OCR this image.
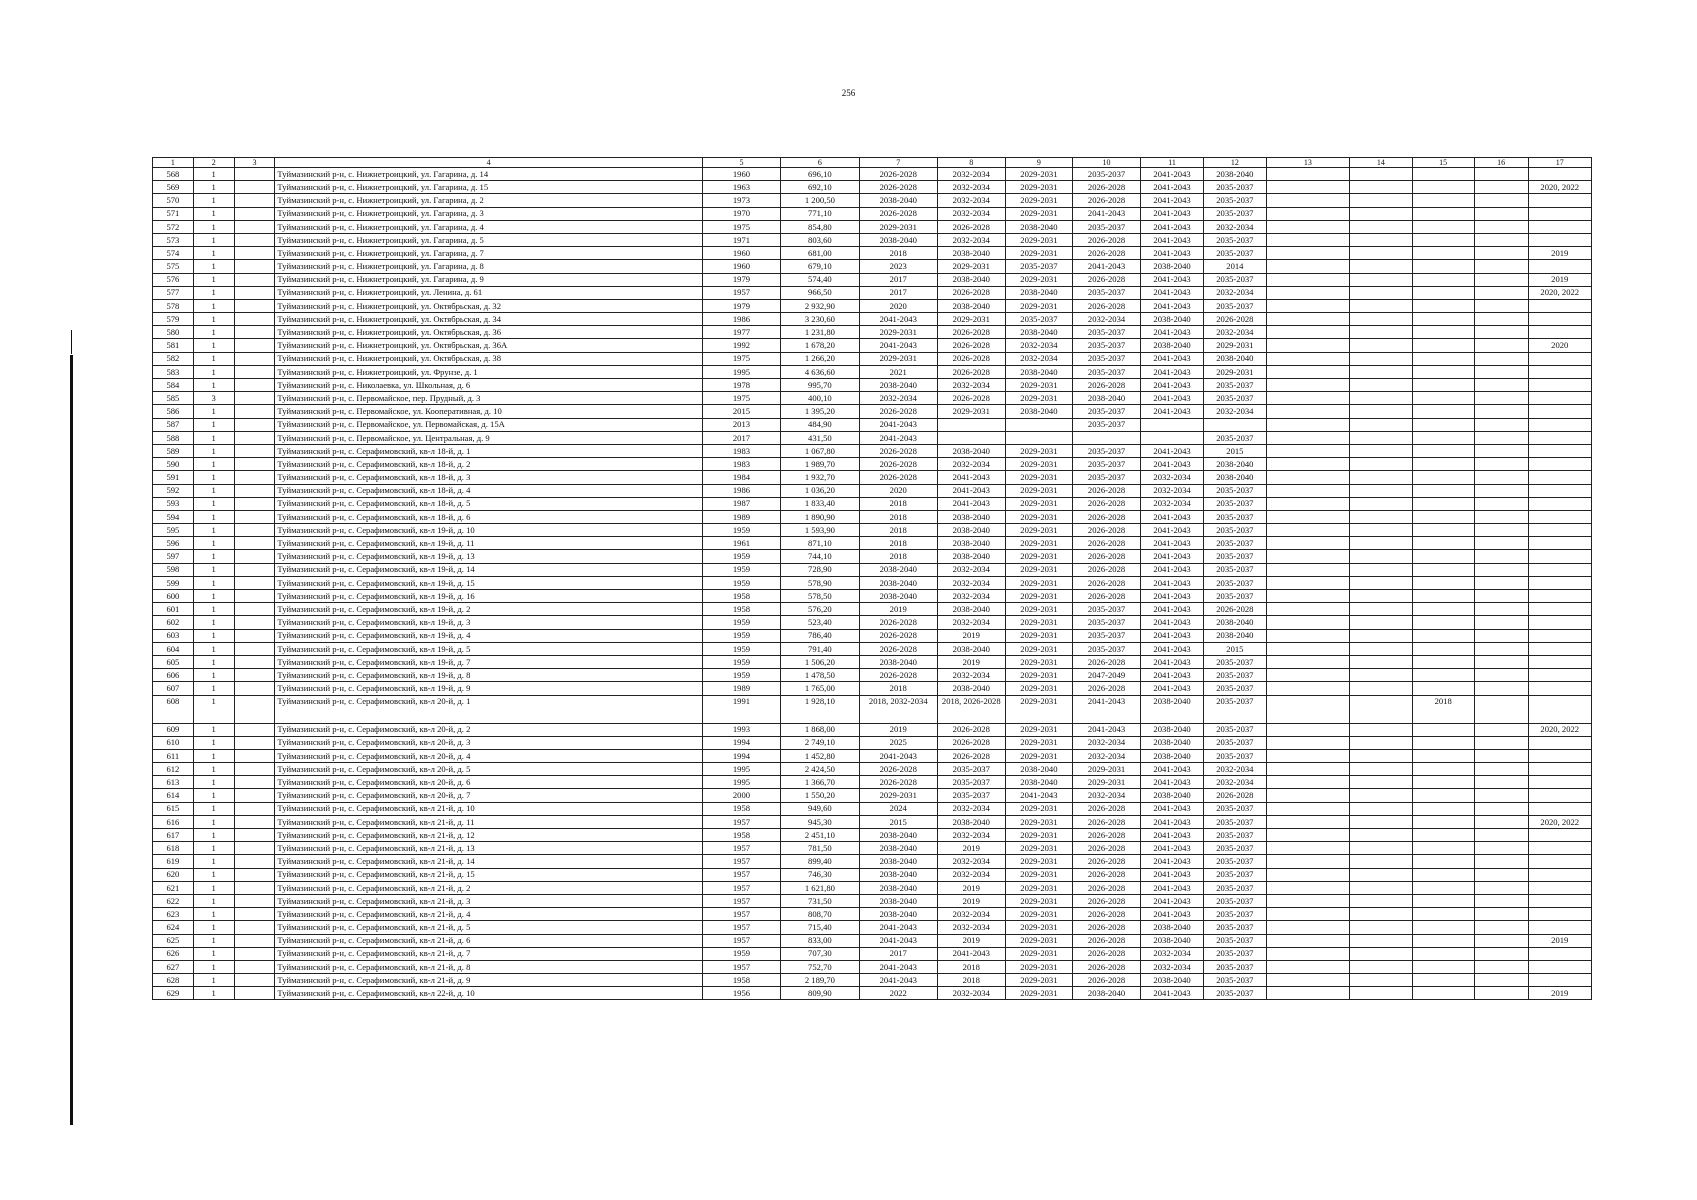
256
1	2	3	4	5	6	7	8	9	10	11	12	13	14	15	16	17
568	1		Туймазинский р-н, с. Нижнетроицкий, ул. Гагарина, д. 14	1960	696,10	2026-2028	2032-2034	2029-2031	2035-2037	2041-2043	2038-2040					
569	1		Туймазинский р-н, с. Нижнетроицкий, ул. Гагарина, д. 15	1963	692,10	2026-2028	2032-2034	2029-2031	2026-2028	2041-2043	2035-2037					2020, 2022
570	1		Туймазинский р-н, с. Нижнетроицкий, ул. Гагарина, д. 2	1973	1 200,50	2038-2040	2032-2034	2029-2031	2026-2028	2041-2043	2035-2037					
571	1		Туймазинский р-н, с. Нижнетроицкий, ул. Гагарина, д. 3	1970	771,10	2026-2028	2032-2034	2029-2031	2041-2043	2041-2043	2035-2037					
572	1		Туймазинский р-н, с. Нижнетроицкий, ул. Гагарина, д. 4	1975	854,80	2029-2031	2026-2028	2038-2040	2035-2037	2041-2043	2032-2034					
573	1		Туймазинский р-н, с. Нижнетроицкий, ул. Гагарина, д. 5	1971	803,60	2038-2040	2032-2034	2029-2031	2026-2028	2041-2043	2035-2037					
574	1		Туймазинский р-н, с. Нижнетроицкий, ул. Гагарина, д. 7	1960	681,00	2018	2038-2040	2029-2031	2026-2028	2041-2043	2035-2037					2019
575	1		Туймазинский р-н, с. Нижнетроицкий, ул. Гагарина, д. 8	1960	679,10	2023	2029-2031	2035-2037	2041-2043	2038-2040	2014					
576	1		Туймазинский р-н, с. Нижнетроицкий, ул. Гагарина, д. 9	1979	574,40	2017	2038-2040	2029-2031	2026-2028	2041-2043	2035-2037					2019
577	1		Туймазинский р-н, с. Нижнетроицкий, ул. Ленина, д. 61	1957	966,50	2017	2026-2028	2038-2040	2035-2037	2041-2043	2032-2034					2020, 2022
578	1		Туймазинский р-н, с. Нижнетроицкий, ул. Октябрьская, д. 32	1979	2 932,90	2020	2038-2040	2029-2031	2026-2028	2041-2043	2035-2037					
579	1		Туймазинский р-н, с. Нижнетроицкий, ул. Октябрьская, д. 34	1986	3 230,60	2041-2043	2029-2031	2035-2037	2032-2034	2038-2040	2026-2028					
580	1		Туймазинский р-н, с. Нижнетроицкий, ул. Октябрьская, д. 36	1977	1 231,80	2029-2031	2026-2028	2038-2040	2035-2037	2041-2043	2032-2034					
581	1		Туймазинский р-н, с. Нижнетроицкий, ул. Октябрьская, д. 36А	1992	1 678,20	2041-2043	2026-2028	2032-2034	2035-2037	2038-2040	2029-2031					2020
582	1		Туймазинский р-н, с. Нижнетроицкий, ул. Октябрьская, д. 38	1975	1 266,20	2029-2031	2026-2028	2032-2034	2035-2037	2041-2043	2038-2040					
583	1		Туймазинский р-н, с. Нижнетроицкий, ул. Фрунзе, д. 1	1995	4 636,60	2021	2026-2028	2038-2040	2035-2037	2041-2043	2029-2031					
584	1		Туймазинский р-н, с. Николаевка, ул. Школьная, д. 6	1978	995,70	2038-2040	2032-2034	2029-2031	2026-2028	2041-2043	2035-2037					
585	3		Туймазинский р-н, с. Первомайское, пер. Прудный, д. 3	1975	400,10	2032-2034	2026-2028	2029-2031	2038-2040	2041-2043	2035-2037					
586	1		Туймазинский р-н, с. Первомайское, ул. Кооперативная, д. 10	2015	1 395,20	2026-2028	2029-2031	2038-2040	2035-2037	2041-2043	2032-2034					
587	1		Туймазинский р-н, с. Первомайское, ул. Первомайская, д. 15А	2013	484,90	2041-2043			2035-2037							
588	1		Туймазинский р-н, с. Первомайское, ул. Центральная, д. 9	2017	431,50	2041-2043					2035-2037					
589	1		Туймазинский р-н, с. Серафимовский, кв-л 18-й, д. 1	1983	1 067,80	2026-2028	2038-2040	2029-2031	2035-2037	2041-2043	2015					
590	1		Туймазинский р-н, с. Серафимовский, кв-л 18-й, д. 2	1983	1 989,70	2026-2028	2032-2034	2029-2031	2035-2037	2041-2043	2038-2040					
591	1		Туймазинский р-н, с. Серафимовский, кв-л 18-й, д. 3	1984	1 932,70	2026-2028	2041-2043	2029-2031	2035-2037	2032-2034	2038-2040					
592	1		Туймазинский р-н, с. Серафимовский, кв-л 18-й, д. 4	1986	1 036,20	2020	2041-2043	2029-2031	2026-2028	2032-2034	2035-2037					
593	1		Туймазинский р-н, с. Серафимовский, кв-л 18-й, д. 5	1987	1 833,40	2018	2041-2043	2029-2031	2026-2028	2032-2034	2035-2037					
594	1		Туймазинский р-н, с. Серафимовский, кв-л 18-й, д. 6	1989	1 890,90	2018	2038-2040	2029-2031	2026-2028	2041-2043	2035-2037					
595	1		Туймазинский р-н, с. Серафимовский, кв-л 19-й, д. 10	1959	1 593,90	2018	2038-2040	2029-2031	2026-2028	2041-2043	2035-2037					
596	1		Туймазинский р-н, с. Серафимовский, кв-л 19-й, д. 11	1961	871,10	2018	2038-2040	2029-2031	2026-2028	2041-2043	2035-2037					
597	1		Туймазинский р-н, с. Серафимовский, кв-л 19-й, д. 13	1959	744,10	2018	2038-2040	2029-2031	2026-2028	2041-2043	2035-2037					
598	1		Туймазинский р-н, с. Серафимовский, кв-л 19-й, д. 14	1959	728,90	2038-2040	2032-2034	2029-2031	2026-2028	2041-2043	2035-2037					
599	1		Туймазинский р-н, с. Серафимовский, кв-л 19-й, д. 15	1959	578,90	2038-2040	2032-2034	2029-2031	2026-2028	2041-2043	2035-2037					
600	1		Туймазинский р-н, с. Серафимовский, кв-л 19-й, д. 16	1958	578,50	2038-2040	2032-2034	2029-2031	2026-2028	2041-2043	2035-2037					
601	1		Туймазинский р-н, с. Серафимовский, кв-л 19-й, д. 2	1958	576,20	2019	2038-2040	2029-2031	2035-2037	2041-2043	2026-2028					
602	1		Туймазинский р-н, с. Серафимовский, кв-л 19-й, д. 3	1959	523,40	2026-2028	2032-2034	2029-2031	2035-2037	2041-2043	2038-2040					
603	1		Туймазинский р-н, с. Серафимовский, кв-л 19-й, д. 4	1959	786,40	2026-2028	2019	2029-2031	2035-2037	2041-2043	2038-2040					
604	1		Туймазинский р-н, с. Серафимовский, кв-л 19-й, д. 5	1959	791,40	2026-2028	2038-2040	2029-2031	2035-2037	2041-2043	2015					
605	1		Туймазинский р-н, с. Серафимовский, кв-л 19-й, д. 7	1959	1 506,20	2038-2040	2019	2029-2031	2026-2028	2041-2043	2035-2037					
606	1		Туймазинский р-н, с. Серафимовский, кв-л 19-й, д. 8	1959	1 478,50	2026-2028	2032-2034	2029-2031	2047-2049	2041-2043	2035-2037					
607	1		Туймазинский р-н, с. Серафимовский, кв-л 19-й, д. 9	1989	1 765,00	2018	2038-2040	2029-2031	2026-2028	2041-2043	2035-2037					
608	1		Туймазинский р-н, с. Серафимовский, кв-л 20-й, д. 1	1991	1 928,10	2018, 2032-2034	2018, 2026-2028	2029-2031	2041-2043	2038-2040	2035-2037			2018		
609	1		Туймазинский р-н, с. Серафимовский, кв-л 20-й, д. 2	1993	1 868,00	2019	2026-2028	2029-2031	2041-2043	2038-2040	2035-2037					2020, 2022
610	1		Туймазинский р-н, с. Серафимовский, кв-л 20-й, д. 3	1994	2 749,10	2025	2026-2028	2029-2031	2032-2034	2038-2040	2035-2037					
611	1		Туймазинский р-н, с. Серафимовский, кв-л 20-й, д. 4	1994	1 452,80	2041-2043	2026-2028	2029-2031	2032-2034	2038-2040	2035-2037					
612	1		Туймазинский р-н, с. Серафимовский, кв-л 20-й, д. 5	1995	2 424,50	2026-2028	2035-2037	2038-2040	2029-2031	2041-2043	2032-2034					
613	1		Туймазинский р-н, с. Серафимовский, кв-л 20-й, д. 6	1995	1 366,70	2026-2028	2035-2037	2038-2040	2029-2031	2041-2043	2032-2034					
614	1		Туймазинский р-н, с. Серафимовский, кв-л 20-й, д. 7	2000	1 550,20	2029-2031	2035-2037	2041-2043	2032-2034	2038-2040	2026-2028					
615	1		Туймазинский р-н, с. Серафимовский, кв-л 21-й, д. 10	1958	949,60	2024	2032-2034	2029-2031	2026-2028	2041-2043	2035-2037					
616	1		Туймазинский р-н, с. Серафимовский, кв-л 21-й, д. 11	1957	945,30	2015	2038-2040	2029-2031	2026-2028	2041-2043	2035-2037					2020, 2022
617	1		Туймазинский р-н, с. Серафимовский, кв-л 21-й, д. 12	1958	2 451,10	2038-2040	2032-2034	2029-2031	2026-2028	2041-2043	2035-2037					
618	1		Туймазинский р-н, с. Серафимовский, кв-л 21-й, д. 13	1957	781,50	2038-2040	2019	2029-2031	2026-2028	2041-2043	2035-2037					
619	1		Туймазинский р-н, с. Серафимовский, кв-л 21-й, д. 14	1957	899,40	2038-2040	2032-2034	2029-2031	2026-2028	2041-2043	2035-2037					
620	1		Туймазинский р-н, с. Серафимовский, кв-л 21-й, д. 15	1957	746,30	2038-2040	2032-2034	2029-2031	2026-2028	2041-2043	2035-2037					
621	1		Туймазинский р-н, с. Серафимовский, кв-л 21-й, д. 2	1957	1 621,80	2038-2040	2019	2029-2031	2026-2028	2041-2043	2035-2037					
622	1		Туймазинский р-н, с. Серафимовский, кв-л 21-й, д. 3	1957	731,50	2038-2040	2019	2029-2031	2026-2028	2041-2043	2035-2037					
623	1		Туймазинский р-н, с. Серафимовский, кв-л 21-й, д. 4	1957	808,70	2038-2040	2032-2034	2029-2031	2026-2028	2041-2043	2035-2037					
624	1		Туймазинский р-н, с. Серафимовский, кв-л 21-й, д. 5	1957	715,40	2041-2043	2032-2034	2029-2031	2026-2028	2038-2040	2035-2037					
625	1		Туймазинский р-н, с. Серафимовский, кв-л 21-й, д. 6	1957	833,00	2041-2043	2019	2029-2031	2026-2028	2038-2040	2035-2037					2019
626	1		Туймазинский р-н, с. Серафимовский, кв-л 21-й, д. 7	1959	707,30	2017	2041-2043	2029-2031	2026-2028	2032-2034	2035-2037					
627	1		Туймазинский р-н, с. Серафимовский, кв-л 21-й, д. 8	1957	752,70	2041-2043	2018	2029-2031	2026-2028	2032-2034	2035-2037					
628	1		Туймазинский р-н, с. Серафимовский, кв-л 21-й, д. 9	1958	2 189,70	2041-2043	2018	2029-2031	2026-2028	2038-2040	2035-2037					
629	1		Туймазинский р-н, с. Серафимовский, кв-л 22-й, д. 10	1956	809,90	2022	2032-2034	2029-2031	2038-2040	2041-2043	2035-2037					2019
